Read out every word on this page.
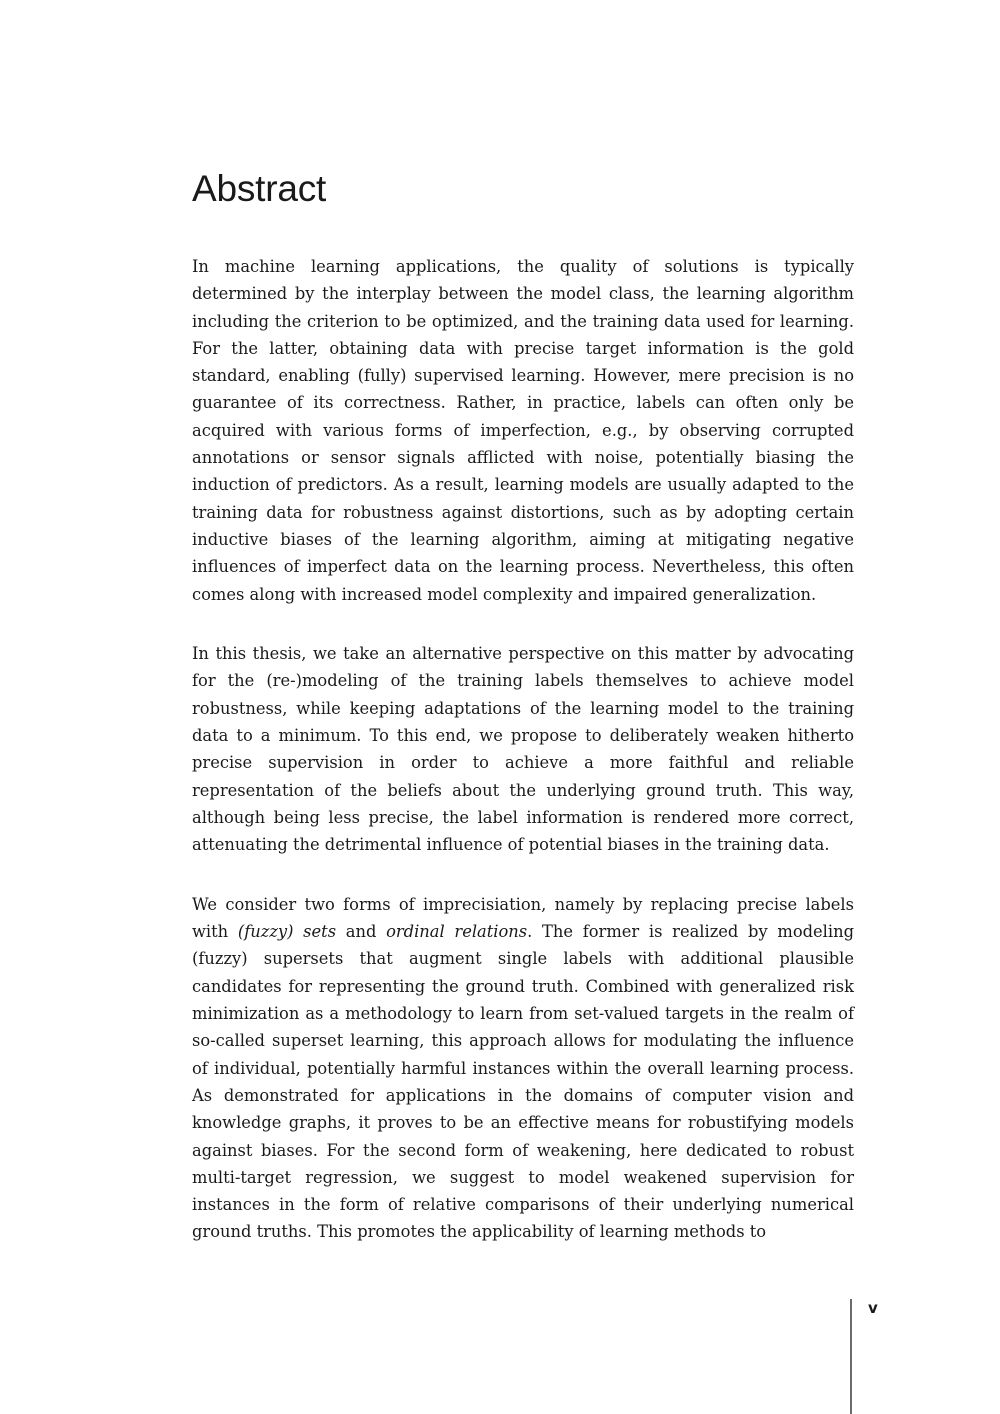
Abstract

In machine learning applications, the quality of solutions is typically determined by the interplay between the model class, the learning algorithm including the criterion to be optimized, and the training data used for learning. For the latter, obtaining data with precise target information is the gold standard, enabling (fully) supervised learning. However, mere precision is no guarantee of its correctness. Rather, in practice, labels can often only be acquired with various forms of imperfection, e.g., by observing corrupted annotations or sensor signals afflicted with noise, potentially biasing the induction of predictors. As a result, learning models are usually adapted to the training data for robustness against distortions, such as by adopting certain inductive biases of the learning algorithm, aiming at mitigating negative influences of imperfect data on the learning process. Nevertheless, this often comes along with increased model complexity and impaired generalization.

In this thesis, we take an alternative perspective on this matter by advocating for the (re-)modeling of the training labels themselves to achieve model robustness, while keeping adaptations of the learning model to the training data to a minimum. To this end, we propose to deliberately weaken hitherto precise supervision in order to achieve a more faithful and reliable representation of the beliefs about the underlying ground truth. This way, although being less precise, the label information is rendered more correct, attenuating the detrimental influence of potential biases in the training data.

We consider two forms of imprecisiation, namely by replacing precise labels with (fuzzy) sets and ordinal relations. The former is realized by modeling (fuzzy) supersets that augment single labels with additional plausible candidates for representing the ground truth. Combined with generalized risk minimization as a methodology to learn from set-valued targets in the realm of so-called superset learning, this approach allows for modulating the influence of individual, potentially harmful instances within the overall learning process. As demonstrated for applications in the domains of computer vision and knowledge graphs, it proves to be an effective means for robustifying models against biases. For the second form of weakening, here dedicated to robust multi-target regression, we suggest to model weakened supervision for instances in the form of relative comparisons of their underlying numerical ground truths. This promotes the applicability of learning methods to

v
